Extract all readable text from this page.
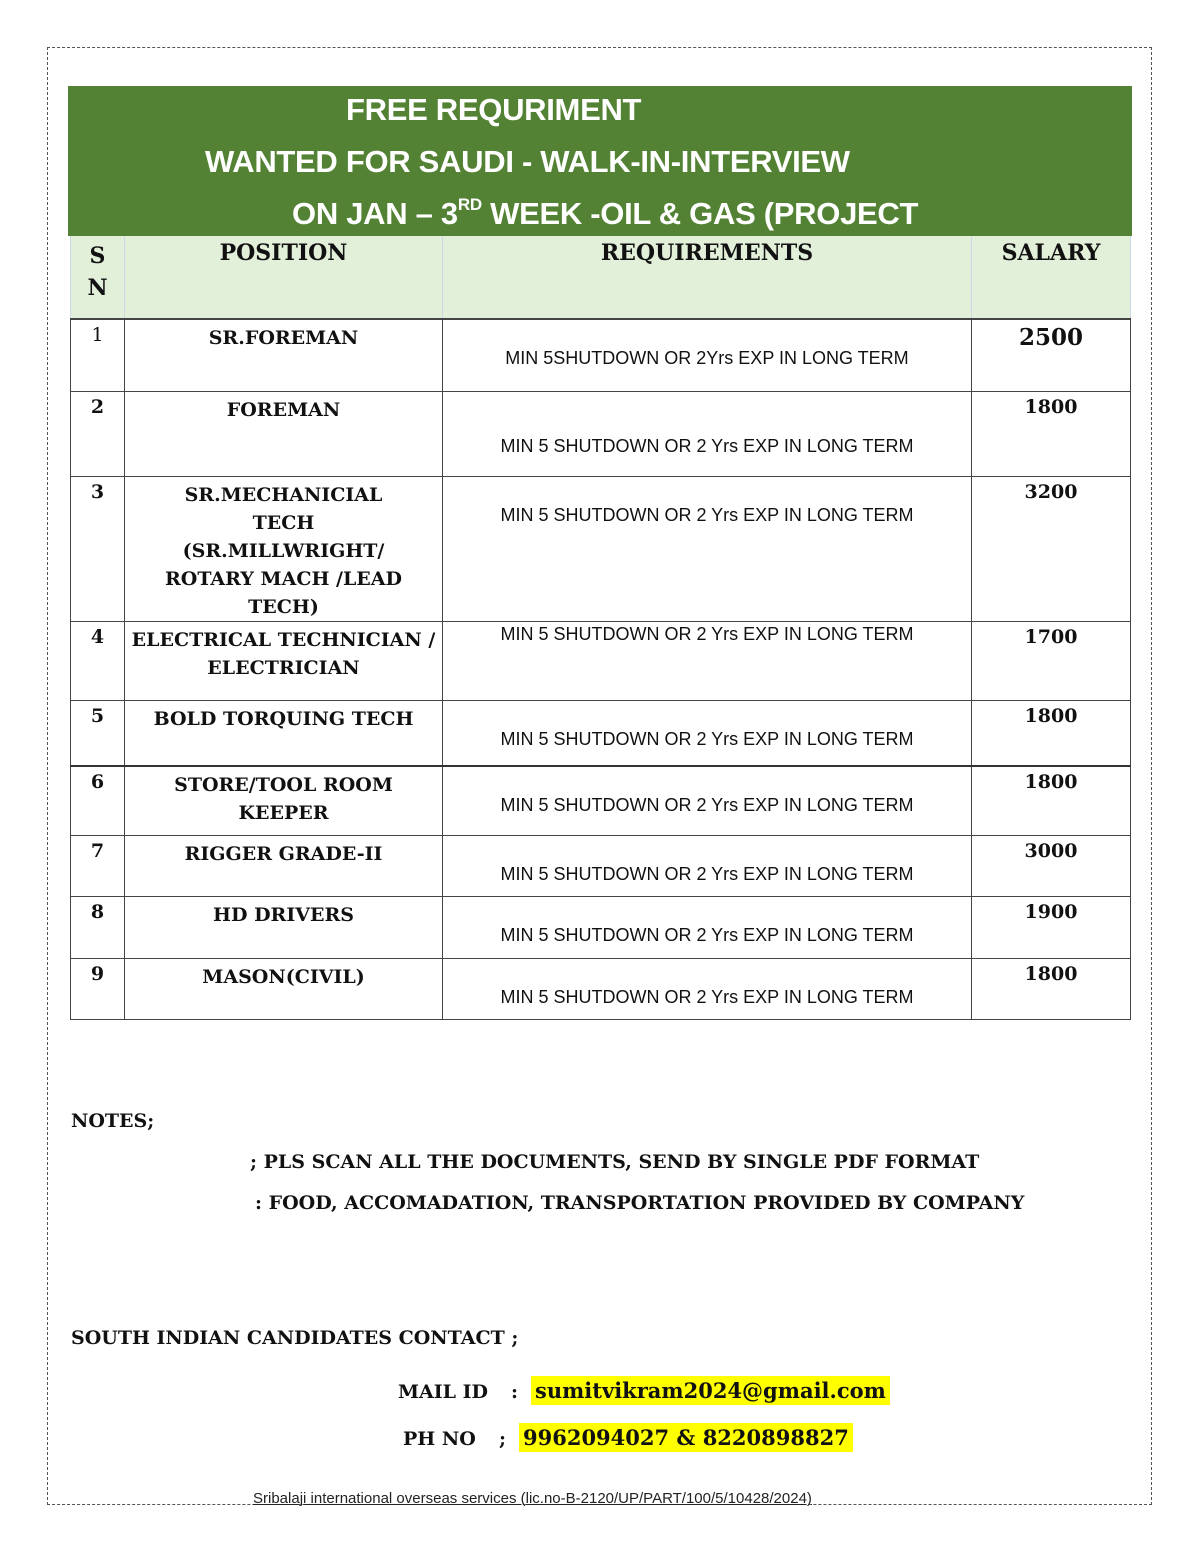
FREE REQURIMENT
WANTED FOR SAUDI - WALK-IN-INTERVIEW
ON JAN – 3RD WEEK -OIL & GAS (PROJECT
S
N	POSITION	REQUIREMENTS	SALARY
1	SR.FOREMAN	MIN 5SHUTDOWN OR 2Yrs EXP IN LONG TERM	2500
2	FOREMAN	MIN 5 SHUTDOWN OR 2 Yrs EXP IN LONG TERM	1800
3	SR.MECHANICIAL TECH (SR.MILLWRIGHT/ ROTARY MACH /LEAD TECH)	MIN 5 SHUTDOWN OR 2 Yrs EXP IN LONG TERM	3200
4	ELECTRICAL TECHNICIAN / ELECTRICIAN	MIN 5 SHUTDOWN OR 2 Yrs EXP IN LONG TERM	1700
5	BOLD TORQUING TECH	MIN 5 SHUTDOWN OR 2 Yrs EXP IN LONG TERM	1800
6	STORE/TOOL ROOM KEEPER	MIN 5 SHUTDOWN OR 2 Yrs EXP IN LONG TERM	1800
7	RIGGER GRADE-II	MIN 5 SHUTDOWN OR 2 Yrs EXP IN LONG TERM	3000
8	HD DRIVERS	MIN 5 SHUTDOWN OR 2 Yrs EXP IN LONG TERM	1900
9	MASON(CIVIL)	MIN 5 SHUTDOWN OR 2 Yrs EXP IN LONG TERM	1800
NOTES;
; PLS SCAN ALL THE DOCUMENTS, SEND BY SINGLE PDF FORMAT
: FOOD, ACCOMADATION, TRANSPORTATION PROVIDED BY COMPANY
SOUTH INDIAN CANDIDATES CONTACT ;
MAIL ID : sumitvikram2024@gmail.com
PH NO ; 9962094027 & 8220898827
Sribalaji international overseas services (lic.no-B-2120/UP/PART/100/5/10428/2024)
